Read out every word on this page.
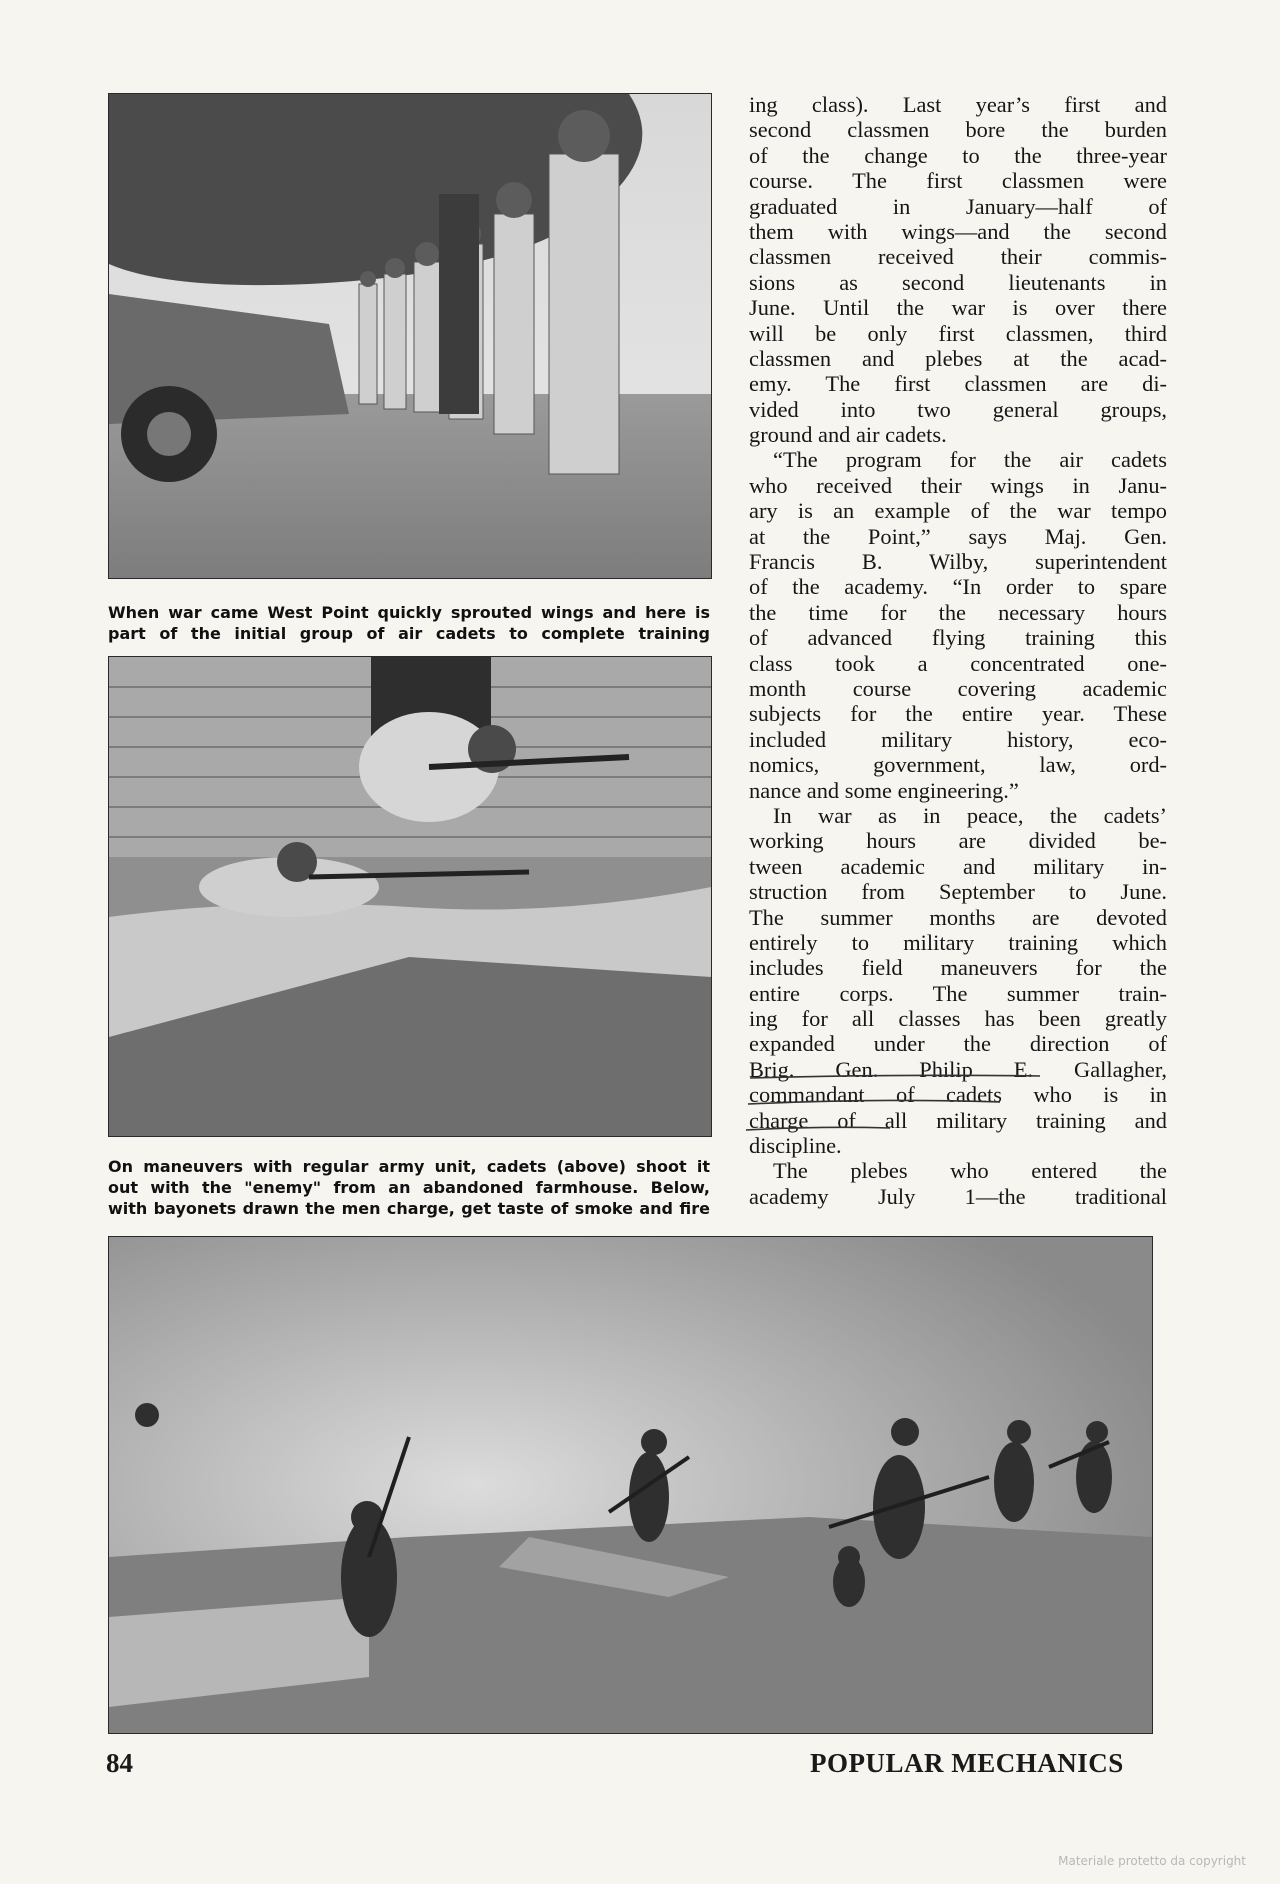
When war came West Point quickly sprouted wings and here is
part of the initial group of air cadets to complete training
On maneuvers with regular army unit, cadets (above) shoot it
out with the "enemy" from an abandoned farmhouse. Below,
with bayonets drawn the men charge, get taste of smoke and fire
ing class). Last year’s first and
second classmen bore the burden
of the change to the three-year
course. The first classmen were
graduated in January—half of
them with wings—and the second
classmen received their commis-
sions as second lieutenants in
June. Until the war is over there
will be only first classmen, third
classmen and plebes at the acad-
emy. The first classmen are di-
vided into two general groups,
ground and air cadets.
“The program for the air cadets
who received their wings in Janu-
ary is an example of the war tempo
at the Point,” says Maj. Gen.
Francis B. Wilby, superintendent
of the academy. “In order to spare
the time for the necessary hours
of advanced flying training this
class took a concentrated one-
month course covering academic
subjects for the entire year. These
included military history, eco-
nomics, government, law, ord-
nance and some engineering.”
In war as in peace, the cadets’
working hours are divided be-
tween academic and military in-
struction from September to June.
The summer months are devoted
entirely to military training which
includes field maneuvers for the
entire corps. The summer train-
ing for all classes has been greatly
expanded under the direction of
Brig. Gen. Philip E. Gallagher,
commandant of cadets who is in
charge of all military training and
discipline.
The plebes who entered the
academy July 1—the traditional
84	POPULAR MECHANICS
Materiale protetto da copyright
